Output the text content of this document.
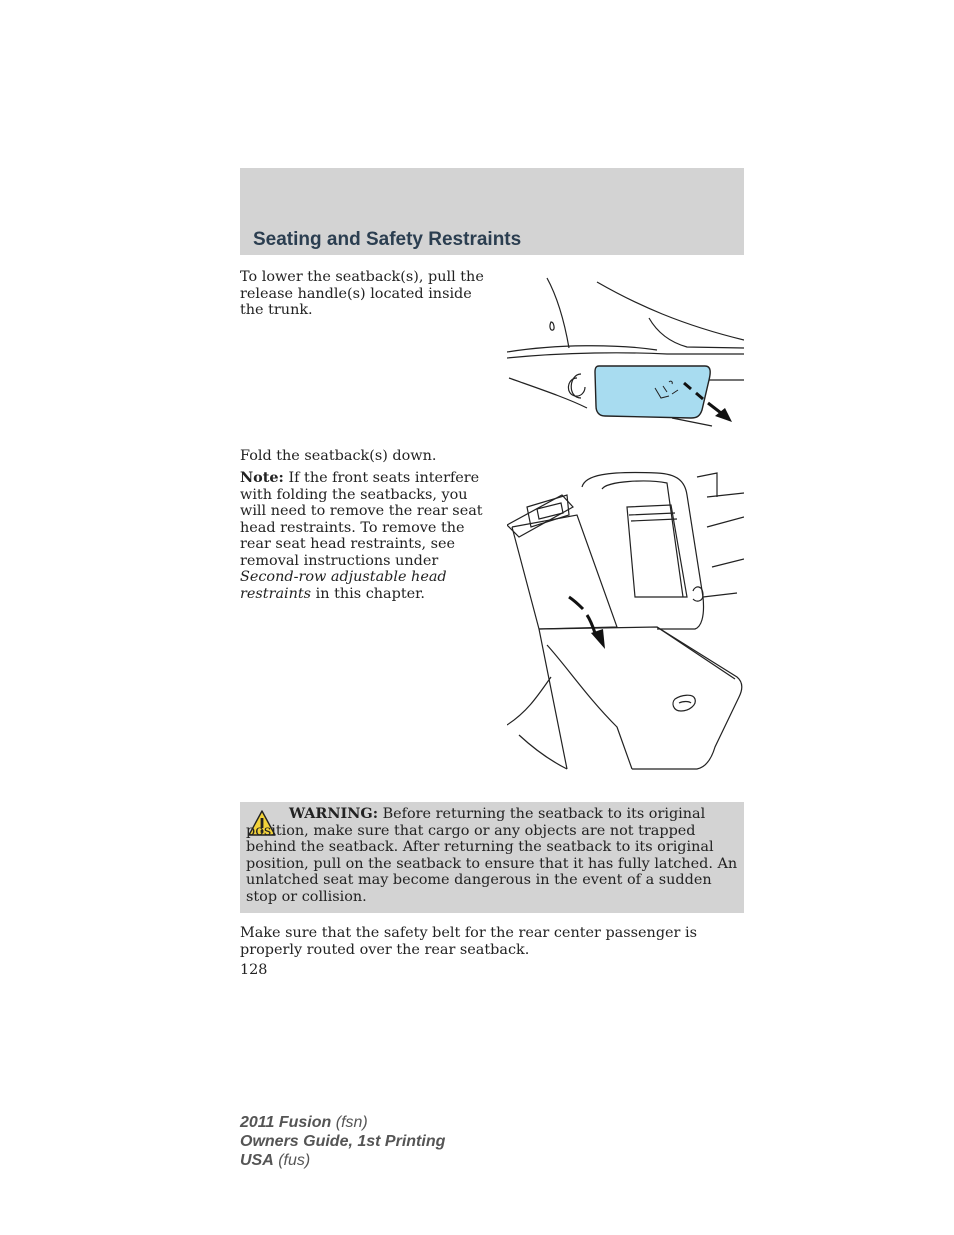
Seating and Safety Restraints
To lower the seatback(s), pull the release handle(s) located inside the trunk.
Fold the seatback(s) down.
Note: If the front seats interfere with folding the seatbacks, you will need to remove the rear seat head restraints. To remove the rear seat head restraints, see removal instructions under Second-row adjustable head restraints in this chapter.
WARNING: Before returning the seatback to its original position, make sure that cargo or any objects are not trapped behind the seatback. After returning the seatback to its original position, pull on the seatback to ensure that it has fully latched. An unlatched seat may become dangerous in the event of a sudden stop or collision.
Make sure that the safety belt for the rear center passenger is properly routed over the rear seatback.
128
2011 Fusion (fsn)
Owners Guide, 1st Printing
USA (fus)
